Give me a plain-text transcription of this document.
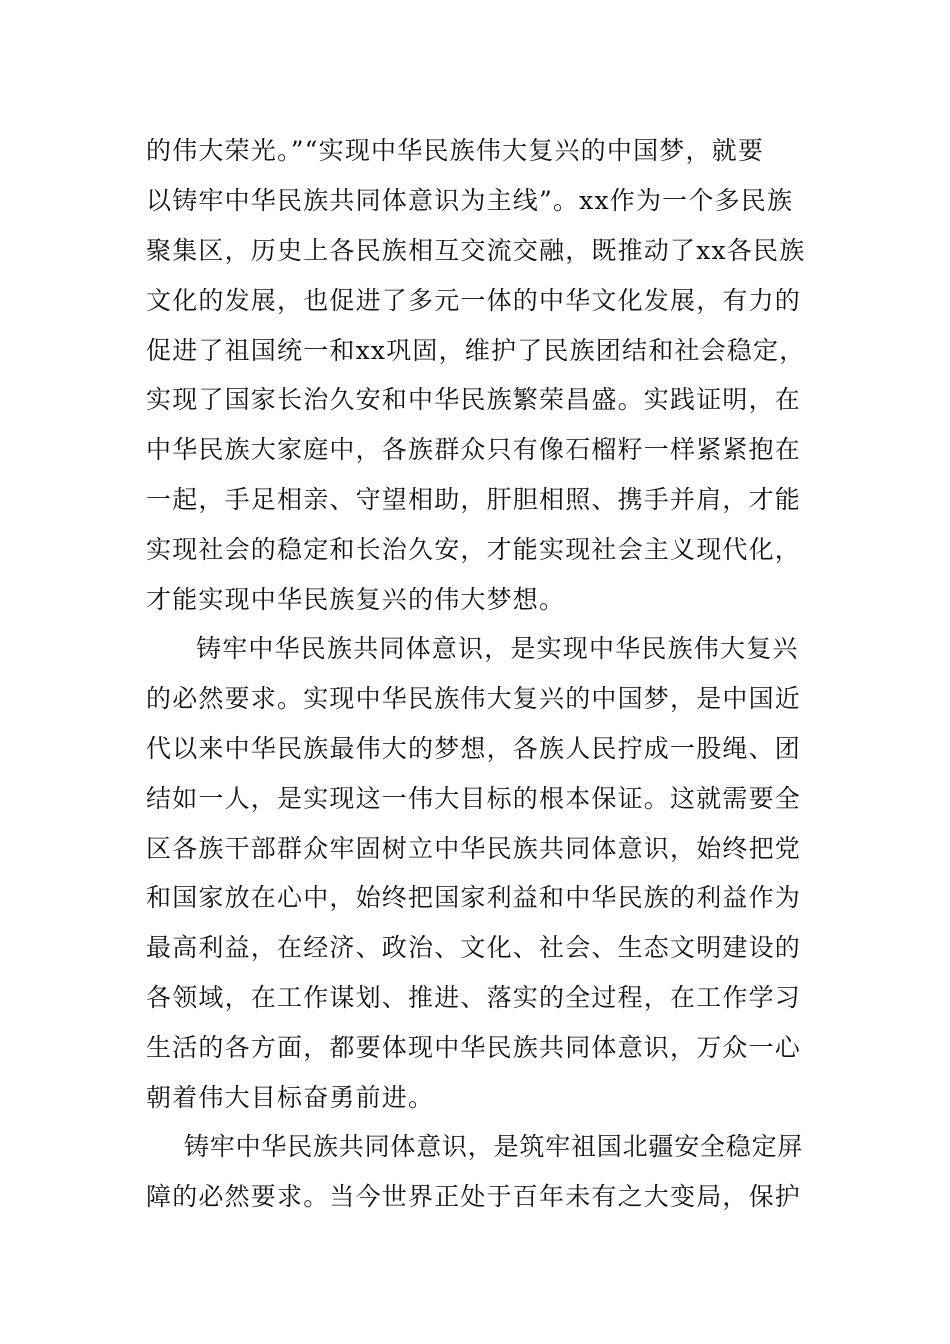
的伟大荣光。”“实现中华民族伟大复兴的中国梦，就要
以铸牢中华民族共同体意识为主线”。xx作为一个多民族
聚集区，历史上各民族相互交流交融，既推动了xx各民族
文化的发展，也促进了多元一体的中华文化发展，有力的
促进了祖国统一和xx巩固，维护了民族团结和社会稳定，
实现了国家长治久安和中华民族繁荣昌盛。实践证明，在
中华民族大家庭中，各族群众只有像石榴籽一样紧紧抱在
一起，手足相亲、守望相助，肝胆相照、携手并肩，才能
实现社会的稳定和长治久安，才能实现社会主义现代化，
才能实现中华民族复兴的伟大梦想。
铸牢中华民族共同体意识，是实现中华民族伟大复兴
的必然要求。实现中华民族伟大复兴的中国梦，是中国近
代以来中华民族最伟大的梦想，各族人民拧成一股绳、团
结如一人，是实现这一伟大目标的根本保证。这就需要全
区各族干部群众牢固树立中华民族共同体意识，始终把党
和国家放在心中，始终把国家利益和中华民族的利益作为
最高利益，在经济、政治、文化、社会、生态文明建设的
各领域，在工作谋划、推进、落实的全过程，在工作学习
生活的各方面，都要体现中华民族共同体意识，万众一心
朝着伟大目标奋勇前进。
铸牢中华民族共同体意识，是筑牢祖国北疆安全稳定屏
障的必然要求。当今世界正处于百年未有之大变局，保护
